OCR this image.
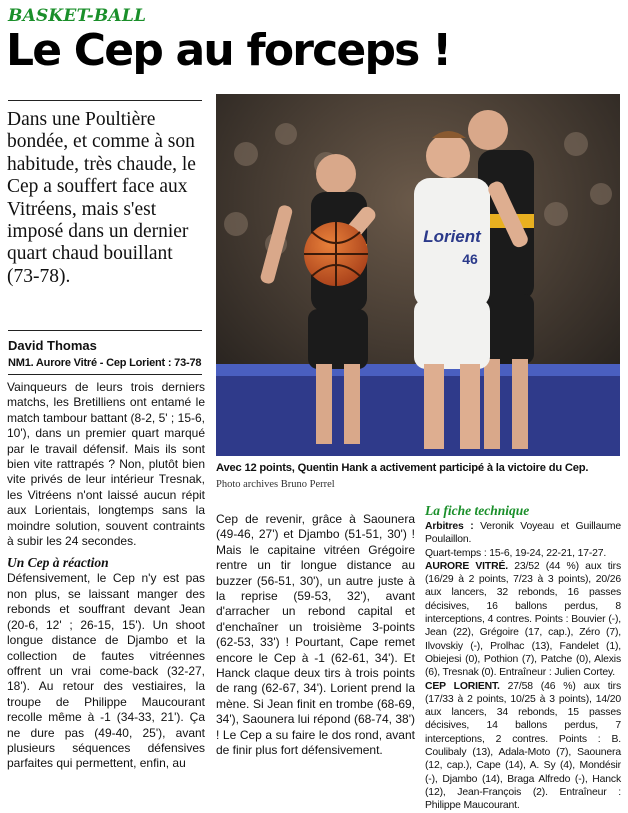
BASKET-BALL
Le Cep au forceps !
Dans une Poultière bondée, et comme à son habitude, très chaude, le Cep a souffert face aux Vitréens, mais s'est imposé dans un dernier quart chaud bouillant (73-78).
David Thomas
NM1. Aurore Vitré - Cep Lorient : 73-78

Vainqueurs de leurs trois derniers matchs, les Bretilliens ont entamé le match tambour battant (8-2, 5' ; 15-6, 10'), dans un premier quart marqué par le travail défensif. Mais ils sont bien vite rattrapés ? Non, plutôt bien vite privés de leur intérieur Tresnak, les Vitréens n'ont laissé aucun répit aux Lorientais, longtemps sans la moindre solution, souvent contraints à subir les 24 secondes.

Un Cep à réaction

Défensivement, le Cep n'y est pas non plus, se laissant manger des rebonds et souffrant devant Jean (20-6, 12' ; 26-15, 15'). Un shoot longue distance de Djambo et la collection de fautes vitréennes offrent un vrai come-back (32-27, 18'). Au retour des vestiaires, la troupe de Philippe Maucourant recolle même à -1 (34-33, 21'). Ça ne dure pas (49-40, 25'), avant plusieurs séquences défensives parfaites qui permettent, enfin, au

Lorient
46
Avec 12 points, Quentin Hank a activement participé à la victoire du Cep.
Photo archives Bruno Perrel

Cep de revenir, grâce à Saounera (49-46, 27') et Djambo (51-51, 30') ! Mais le capitaine vitréen Grégoire rentre un tir longue distance au buzzer (56-51, 30'), un autre juste à la reprise (59-53, 32'), avant d'arracher un rebond capital et d'enchaîner un troisième 3-points (62-53, 33') ! Pourtant, Cape remet encore le Cep à -1 (62-61, 34'). Et Hanck claque deux tirs à trois points de rang (62-67, 34'). Lorient prend la mène. Si Jean finit en trombe (68-69, 34'), Saounera lui répond (68-74, 38') ! Le Cep a su faire le dos rond, avant de finir plus fort défensivement.

La fiche technique

Arbitres : Veronik Voyeau et Guillaume Poulaillon.

Quart-temps : 15-6, 19-24, 22-21, 17-27.

AURORE VITRÉ. 23/52 (44 %) aux tirs (16/29 à 2 points, 7/23 à 3 points), 20/26 aux lancers, 32 rebonds, 16 passes décisives, 16 ballons perdus, 8 interceptions, 4 contres. Points : Bouvier (-), Jean (22), Grégoire (17, cap.), Zéro (7), Ilvovskiy (-), Prolhac (13), Fandelet (1), Obiejesi (0), Pothion (7), Patche (0), Alexis (6), Tresnak (0). Entraîneur : Julien Cortey.

CEP LORIENT. 27/58 (46 %) aux tirs (17/33 à 2 points, 10/25 à 3 points), 14/20 aux lancers, 34 rebonds, 15 passes décisives, 14 ballons perdus, 7 interceptions, 2 contres. Points : B. Coulibaly (13), Adala-Moto (7), Saounera (12, cap.), Cape (14), A. Sy (4), Mondésir (-), Djambo (14), Braga Alfredo (-), Hanck (12), Jean-François (2). Entraîneur : Philippe Maucourant.
